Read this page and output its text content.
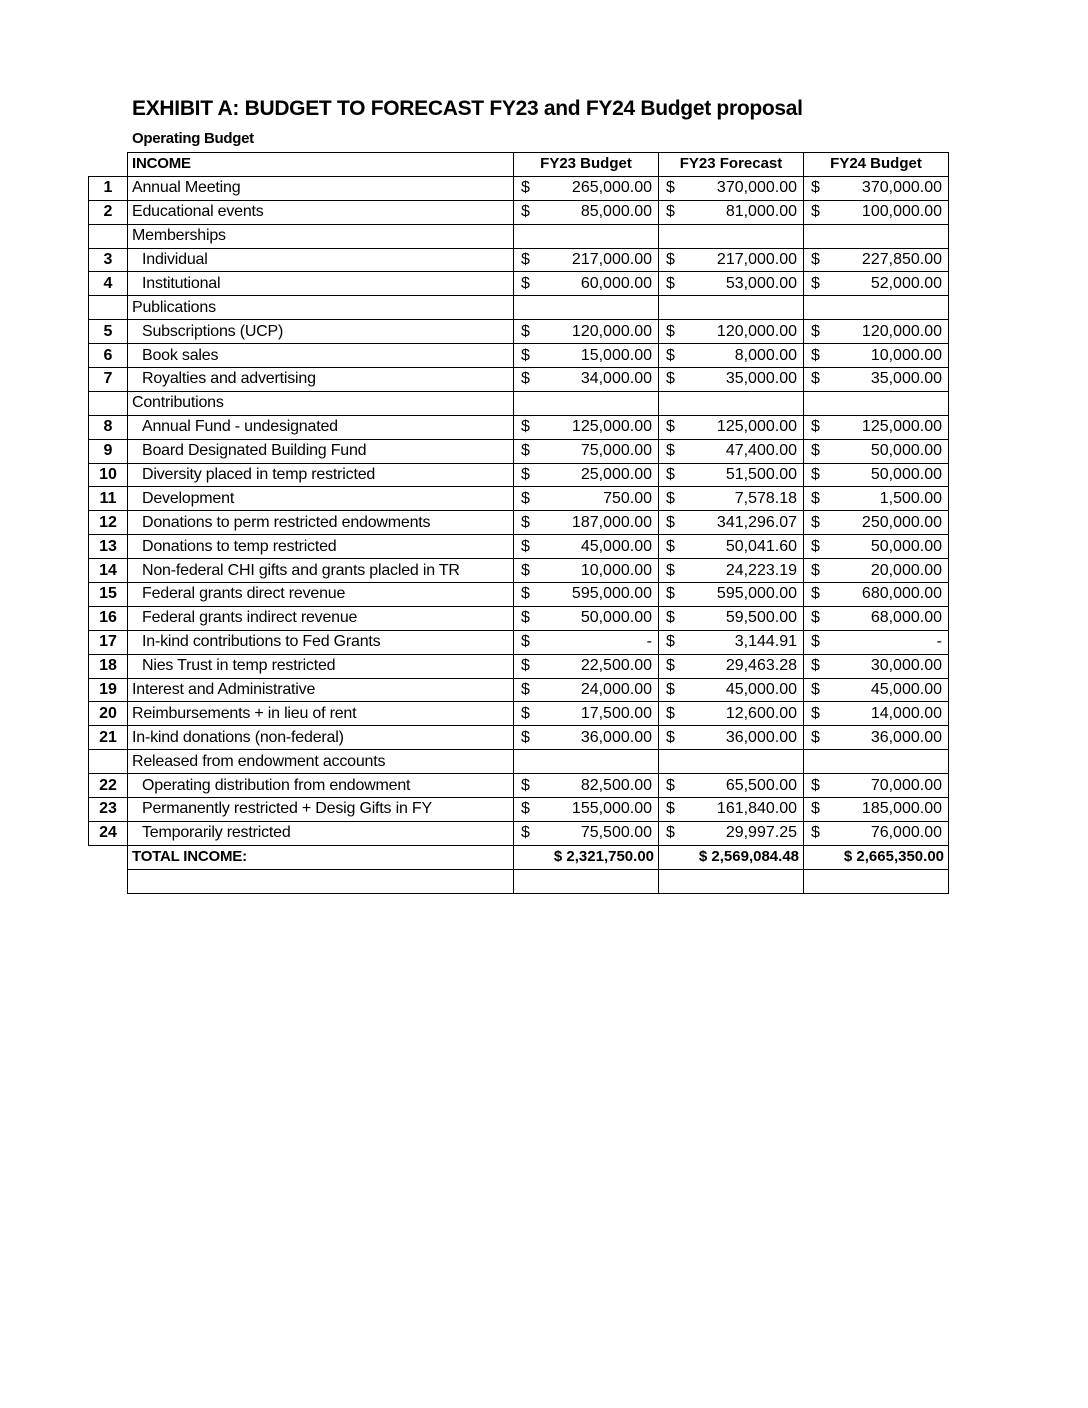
EXHIBIT A: BUDGET TO FORECAST FY23 and FY24 Budget proposal
Operating Budget
	INCOME	FY23 Budget	FY23 Forecast	FY24 Budget
1	Annual Meeting	$ 265,000.00	$ 370,000.00	$ 370,000.00

2	Educational events	$ 85,000.00	$ 81,000.00	$ 100,000.00

	Memberships			
3	Individual	$ 217,000.00	$ 217,000.00	$ 227,850.00

4	Institutional	$ 60,000.00	$ 53,000.00	$ 52,000.00

	Publications			
5	Subscriptions (UCP)	$ 120,000.00	$ 120,000.00	$ 120,000.00

6	Book sales	$ 15,000.00	$ 8,000.00	$ 10,000.00

7	Royalties and advertising	$ 34,000.00	$ 35,000.00	$ 35,000.00

	Contributions			
8	Annual Fund - undesignated	$ 125,000.00	$ 125,000.00	$ 125,000.00

9	Board Designated Building Fund	$ 75,000.00	$ 47,400.00	$ 50,000.00

10	Diversity placed in temp restricted	$ 25,000.00	$ 51,500.00	$ 50,000.00

11	Development	$ 750.00	$ 7,578.18	$ 1,500.00

12	Donations to perm restricted endowments	$ 187,000.00	$ 341,296.07	$ 250,000.00

13	Donations to temp restricted	$ 45,000.00	$ 50,041.60	$ 50,000.00

14	Non-federal CHI gifts and grants placled in TR	$ 10,000.00	$ 24,223.19	$ 20,000.00

15	Federal grants direct revenue	$ 595,000.00	$ 595,000.00	$ 680,000.00

16	Federal grants indirect revenue	$ 50,000.00	$ 59,500.00	$ 68,000.00

17	In-kind contributions to Fed Grants	$ -	$ 3,144.91	$ -

18	Nies Trust in temp restricted	$ 22,500.00	$ 29,463.28	$ 30,000.00

19	Interest and Administrative	$ 24,000.00	$ 45,000.00	$ 45,000.00

20	Reimbursements + in lieu of rent	$ 17,500.00	$ 12,600.00	$ 14,000.00

21	In-kind donations (non-federal)	$ 36,000.00	$ 36,000.00	$ 36,000.00

	Released from endowment accounts			
22	Operating distribution from endowment	$ 82,500.00	$ 65,500.00	$ 70,000.00

23	Permanently restricted + Desig Gifts in FY	$ 155,000.00	$ 161,840.00	$ 185,000.00

24	Temporarily restricted	$ 75,500.00	$ 29,997.25	$ 76,000.00

	TOTAL INCOME:	$ 2,321,750.00	$ 2,569,084.48	$ 2,665,350.00
